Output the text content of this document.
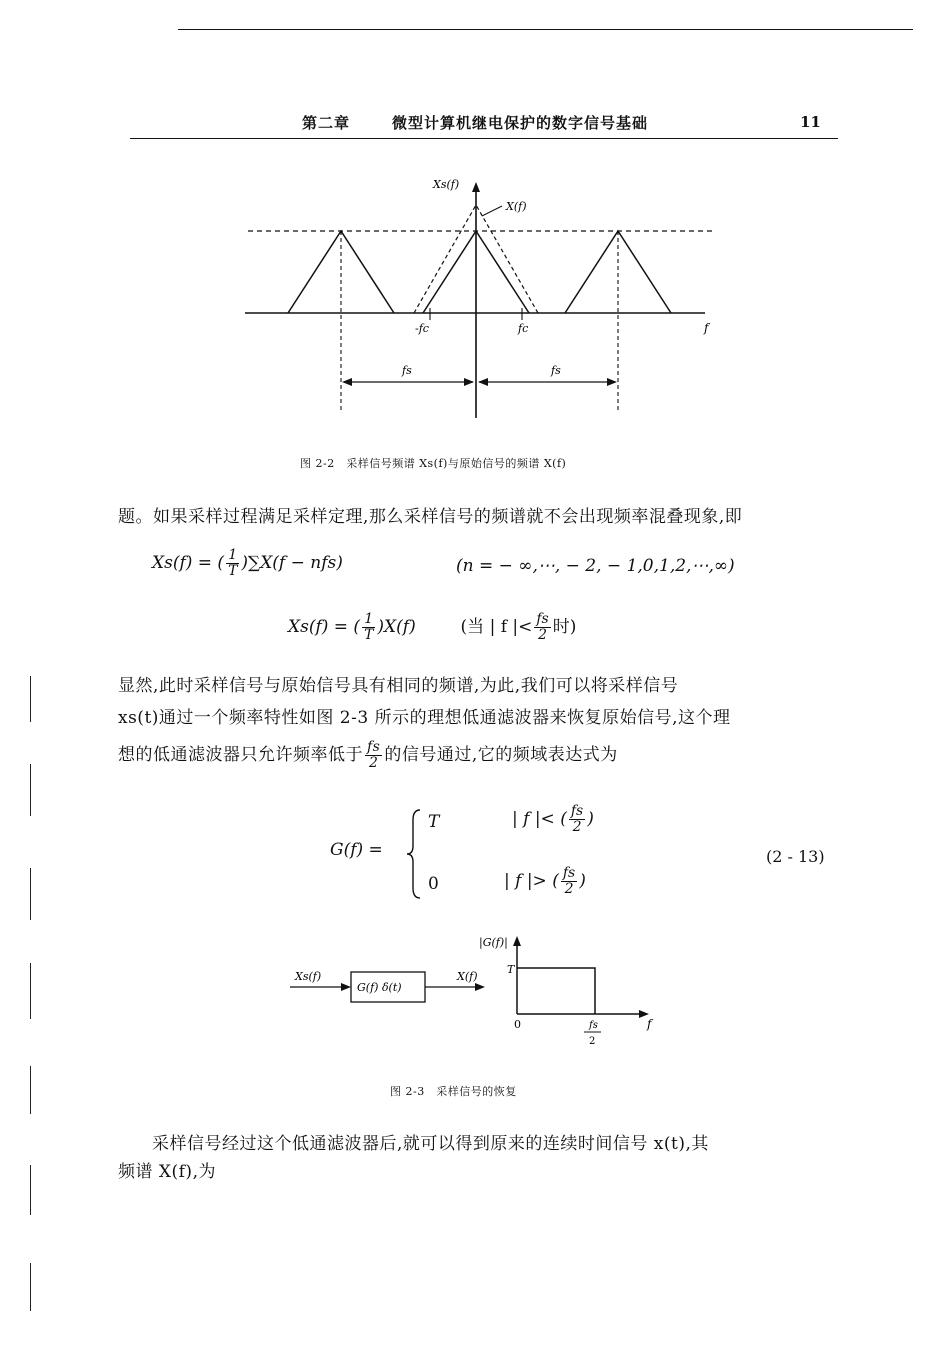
第二章	微型计算机继电保护的数字信号基础	11
Xs(f)
X(f)
-fc	fc	f
fs	fs
图 2-2　采样信号频谱 Xs(f)与原始信号的频谱 X(f)
题。如果采样过程满足采样定理,那么采样信号的频谱就不会出现频率混叠现象,即
Xs(f) = ( $\frac{1}{T} )\sum X(f - nfs)$	(n = − ∞,⋯, − 2, − 1,0,1,2,⋯,∞)
Xs(f) = ( $\frac{1}{T} )X(f)$	(当 | f |< $\frac{fs}{2}$ 时)
显然,此时采样信号与原始信号具有相同的频谱,为此,我们可以将采样信号
xs(t)通过一个频率特性如图 2-3 所示的理想低通滤波器来恢复原始信号,这个理
想的低通滤波器只允许频率低于 $\frac{fs}{2}$ 的信号通过,它的频域表达式为
G(f) =
T	| f |< ( $\frac{fs}{2}$ )
0	| f |> ( $\frac{fs}{2}$ )
(2 - 13)
Xs(f)
G(f) δ(t)
X(f)
|G(f)|
T
0	fs
2
f
图 2-3　采样信号的恢复
采样信号经过这个低通滤波器后,就可以得到原来的连续时间信号 x(t),其
频谱 X(f),为
